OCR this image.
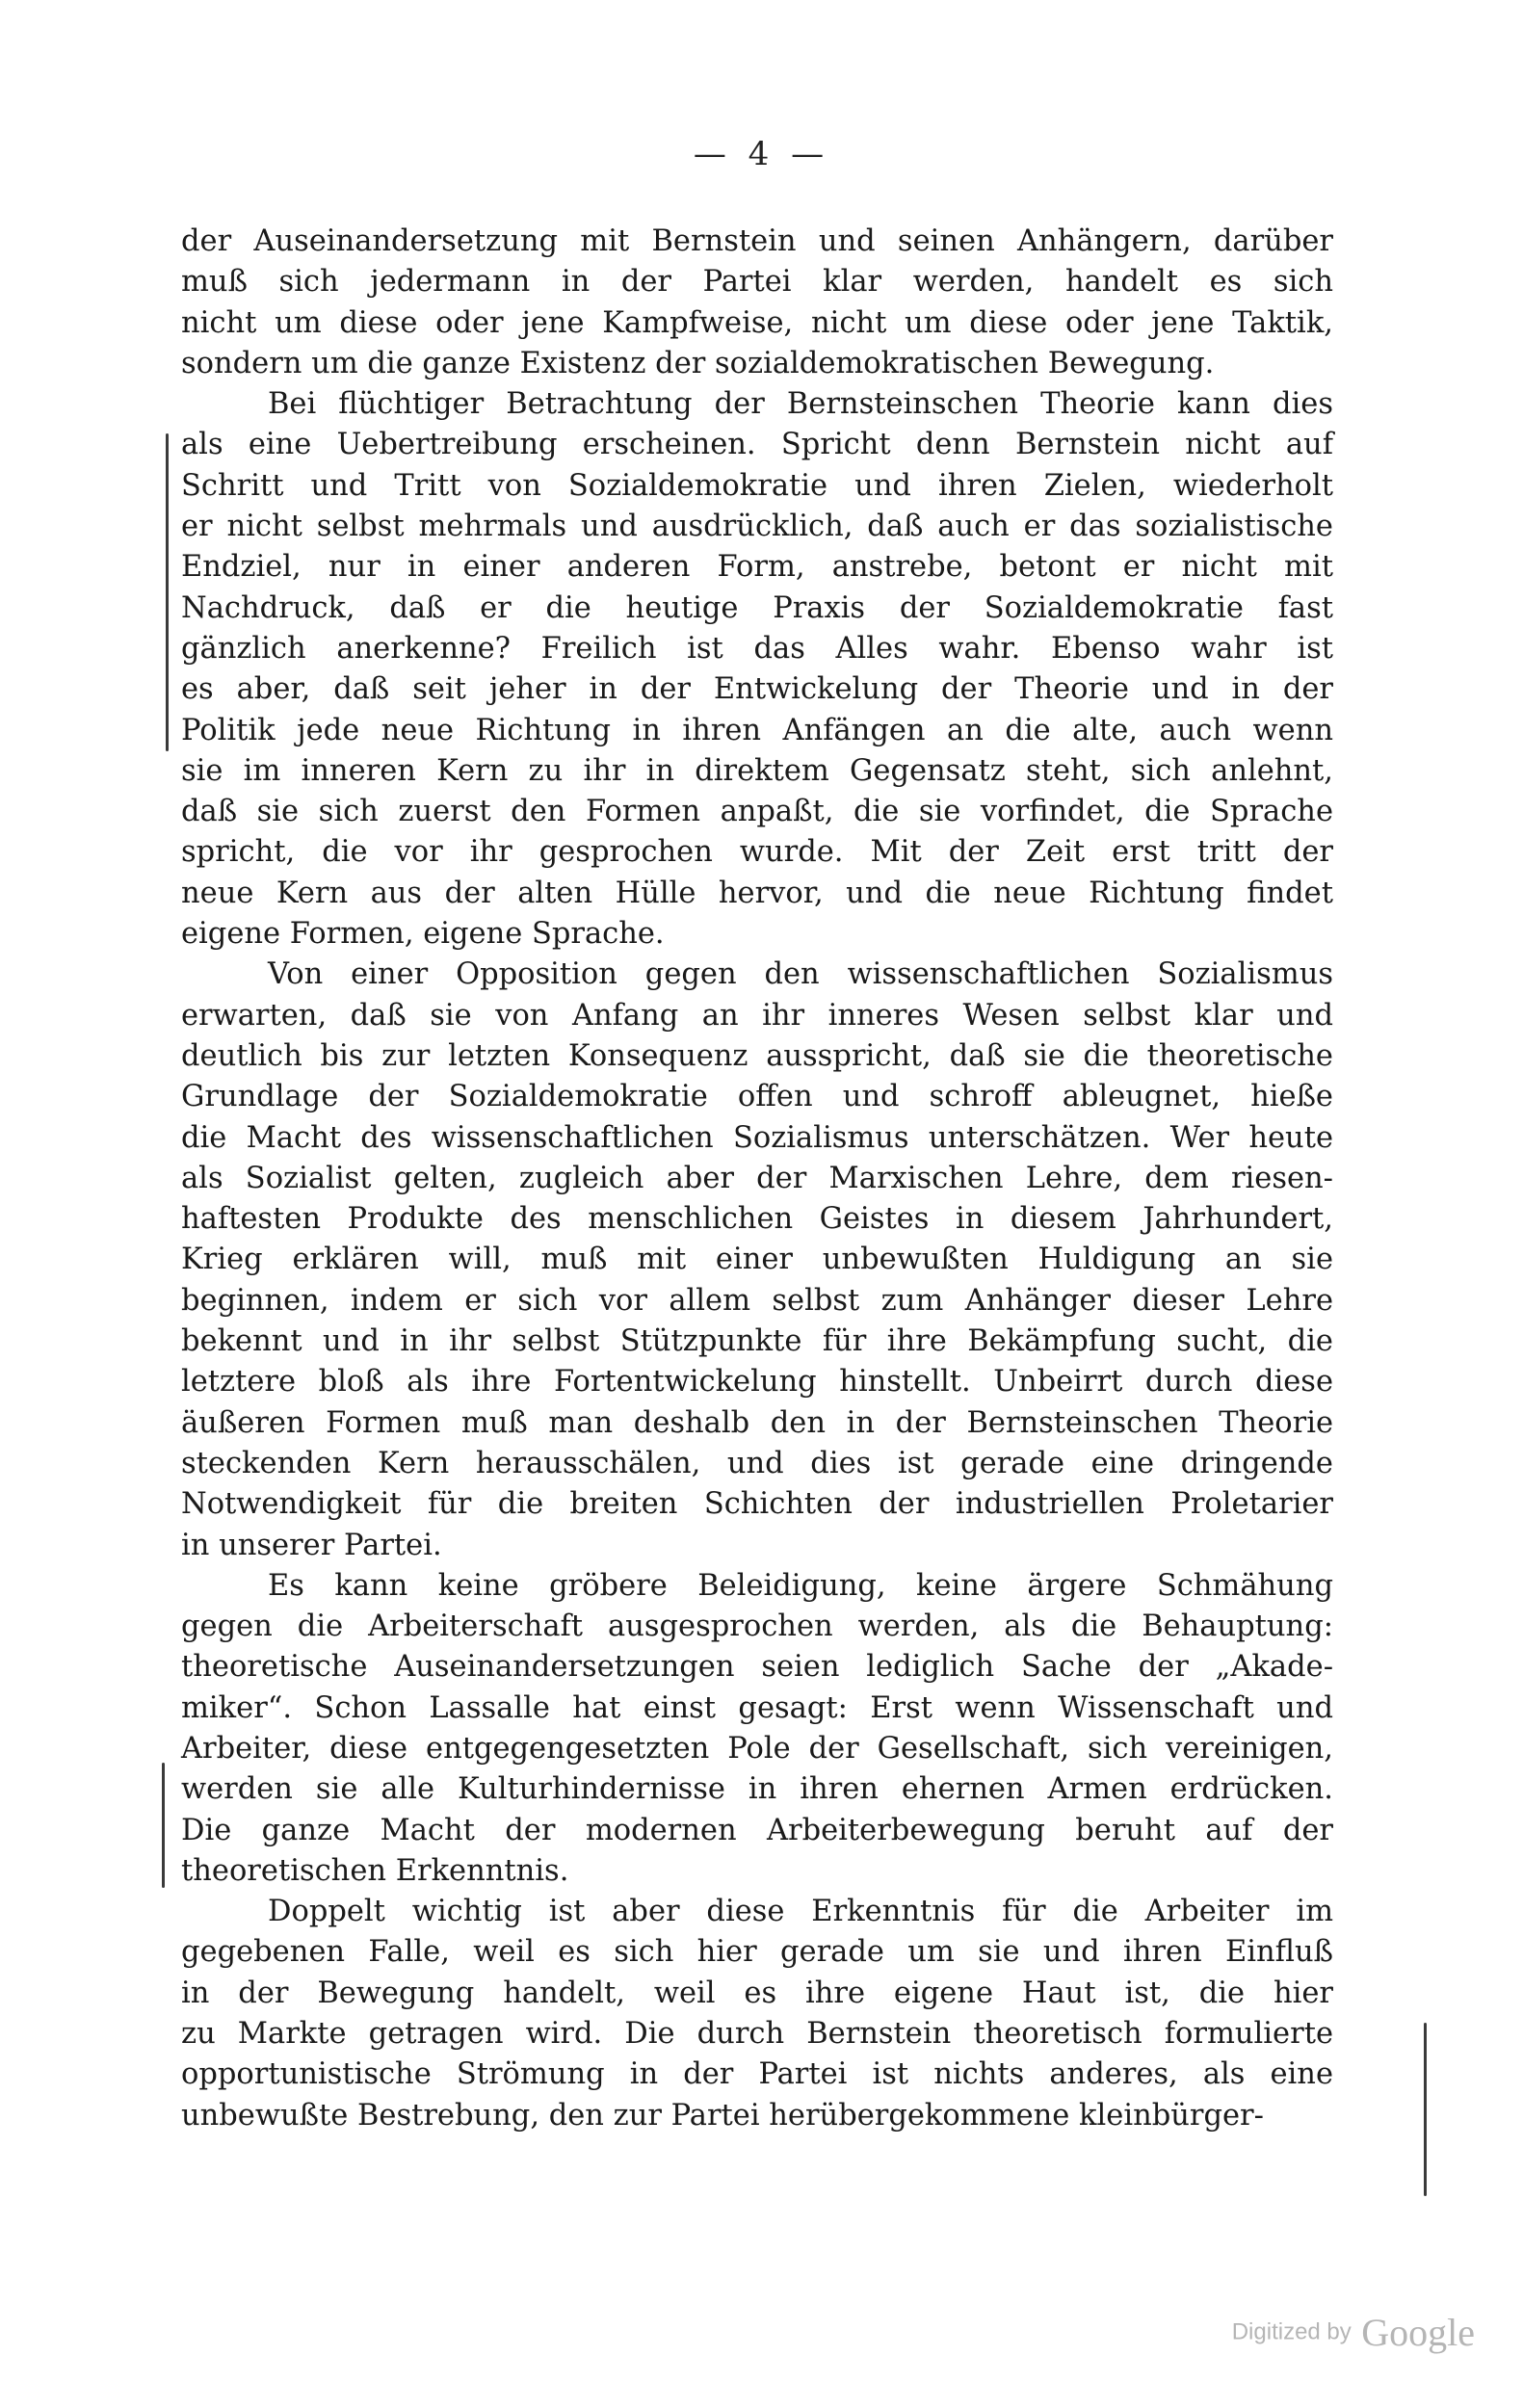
— 4 —

der Auseinandersetzung mit Bernstein und seinen Anhängern, darüber
muß sich jedermann in der Partei klar werden, handelt es sich
nicht um diese oder jene Kampfweise, nicht um diese oder jene Taktik,
sondern um die ganze Existenz der sozialdemokratischen Bewegung.

Bei flüchtiger Betrachtung der Bernsteinschen Theorie kann dies
als eine Uebertreibung erscheinen. Spricht denn Bernstein nicht auf
Schritt und Tritt von Sozialdemokratie und ihren Zielen, wiederholt
er nicht selbst mehrmals und ausdrücklich, daß auch er das sozialistische
Endziel, nur in einer anderen Form, anstrebe, betont er nicht mit
Nachdruck, daß er die heutige Praxis der Sozialdemokratie fast
gänzlich anerkenne? Freilich ist das Alles wahr. Ebenso wahr ist
es aber, daß seit jeher in der Entwickelung der Theorie und in der
Politik jede neue Richtung in ihren Anfängen an die alte, auch wenn
sie im inneren Kern zu ihr in direktem Gegensatz steht, sich anlehnt,
daß sie sich zuerst den Formen anpaßt, die sie vorfindet, die Sprache
spricht, die vor ihr gesprochen wurde. Mit der Zeit erst tritt der
neue Kern aus der alten Hülle hervor, und die neue Richtung findet
eigene Formen, eigene Sprache.

Von einer Opposition gegen den wissenschaftlichen Sozialismus
erwarten, daß sie von Anfang an ihr inneres Wesen selbst klar und
deutlich bis zur letzten Konsequenz ausspricht, daß sie die theoretische
Grundlage der Sozialdemokratie offen und schroff ableugnet, hieße
die Macht des wissenschaftlichen Sozialismus unterschätzen. Wer heute
als Sozialist gelten, zugleich aber der Marxischen Lehre, dem riesen-
haftesten Produkte des menschlichen Geistes in diesem Jahrhundert,
Krieg erklären will, muß mit einer unbewußten Huldigung an sie
beginnen, indem er sich vor allem selbst zum Anhänger dieser Lehre
bekennt und in ihr selbst Stützpunkte für ihre Bekämpfung sucht, die
letztere bloß als ihre Fortentwickelung hinstellt. Unbeirrt durch diese
äußeren Formen muß man deshalb den in der Bernsteinschen Theorie
steckenden Kern herausschälen, und dies ist gerade eine dringende
Notwendigkeit für die breiten Schichten der industriellen Proletarier
in unserer Partei.

Es kann keine gröbere Beleidigung, keine ärgere Schmähung
gegen die Arbeiterschaft ausgesprochen werden, als die Behauptung:
theoretische Auseinandersetzungen seien lediglich Sache der „Akade-
miker“. Schon Lassalle hat einst gesagt: Erst wenn Wissenschaft und
Arbeiter, diese entgegengesetzten Pole der Gesellschaft, sich vereinigen,
werden sie alle Kulturhindernisse in ihren ehernen Armen erdrücken.
Die ganze Macht der modernen Arbeiterbewegung beruht auf der
theoretischen Erkenntnis.

Doppelt wichtig ist aber diese Erkenntnis für die Arbeiter im
gegebenen Falle, weil es sich hier gerade um sie und ihren Einfluß
in der Bewegung handelt, weil es ihre eigene Haut ist, die hier
zu Markte getragen wird. Die durch Bernstein theoretisch formulierte
opportunistische Strömung in der Partei ist nichts anderes, als eine
unbewußte Bestrebung, den zur Partei herübergekommene kleinbürger-

Digitized by Google
